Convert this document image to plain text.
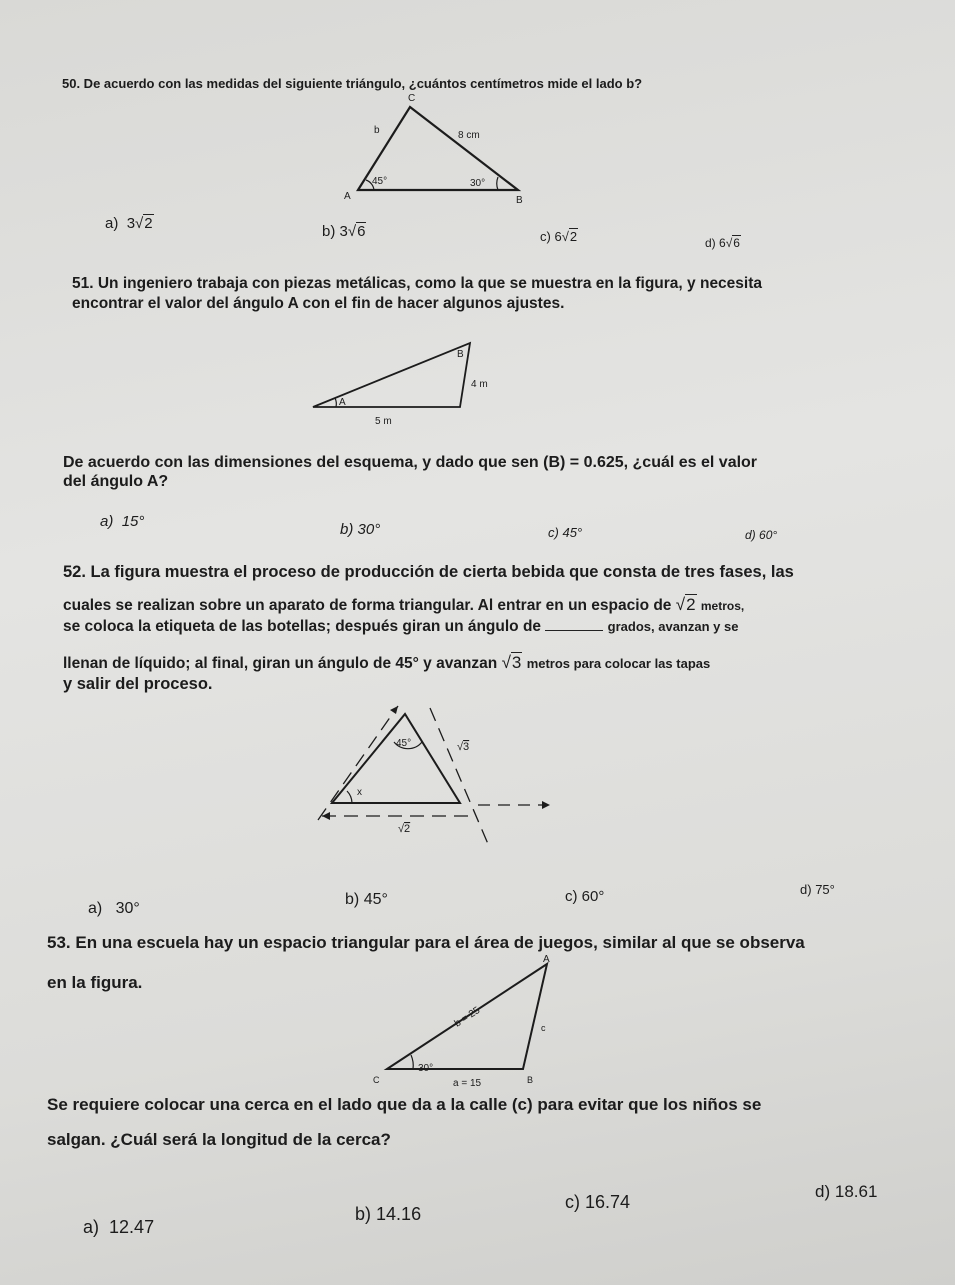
50. De acuerdo con las medidas del siguiente triángulo, ¿cuántos centímetros mide el lado b?
C
b	8 cm
45°	30°
A	B
a) 3√2	b) 3√6	c) 6√2	d) 6√6
51. Un ingeniero trabaja con piezas metálicas, como la que se muestra en la figura, y necesita
encontrar el valor del ángulo A con el fin de hacer algunos ajustes.
B
4 m
A
5 m
De acuerdo con las dimensiones del esquema, y dado que sen (B) = 0.625, ¿cuál es el valor
del ángulo A?
a) 15°	b) 30°	c) 45°	d) 60°
52. La figura muestra el proceso de producción de cierta bebida que consta de tres fases, las
cuales se realizan sobre un aparato de forma triangular. Al entrar en un espacio de √2 metros,
se coloca la etiqueta de las botellas; después giran un ángulo de	grados, avanzan y se
llenan de líquido; al final, giran un ángulo de 45° y avanzan √3 metros para colocar las tapas
y salir del proceso.
45°
x
√2
√3
a) 30°
b) 45°	c) 60°	d) 75°
53. En una escuela hay un espacio triangular para el área de juegos, similar al que se observa
en la figura.
A
b = 25	c
30°
C	a = 15	B
Se requiere colocar una cerca en el lado que da a la calle (c) para evitar que los niños se
salgan. ¿Cuál será la longitud de la cerca?
a) 12.47
b) 14.16
c) 16.74
d) 18.61
